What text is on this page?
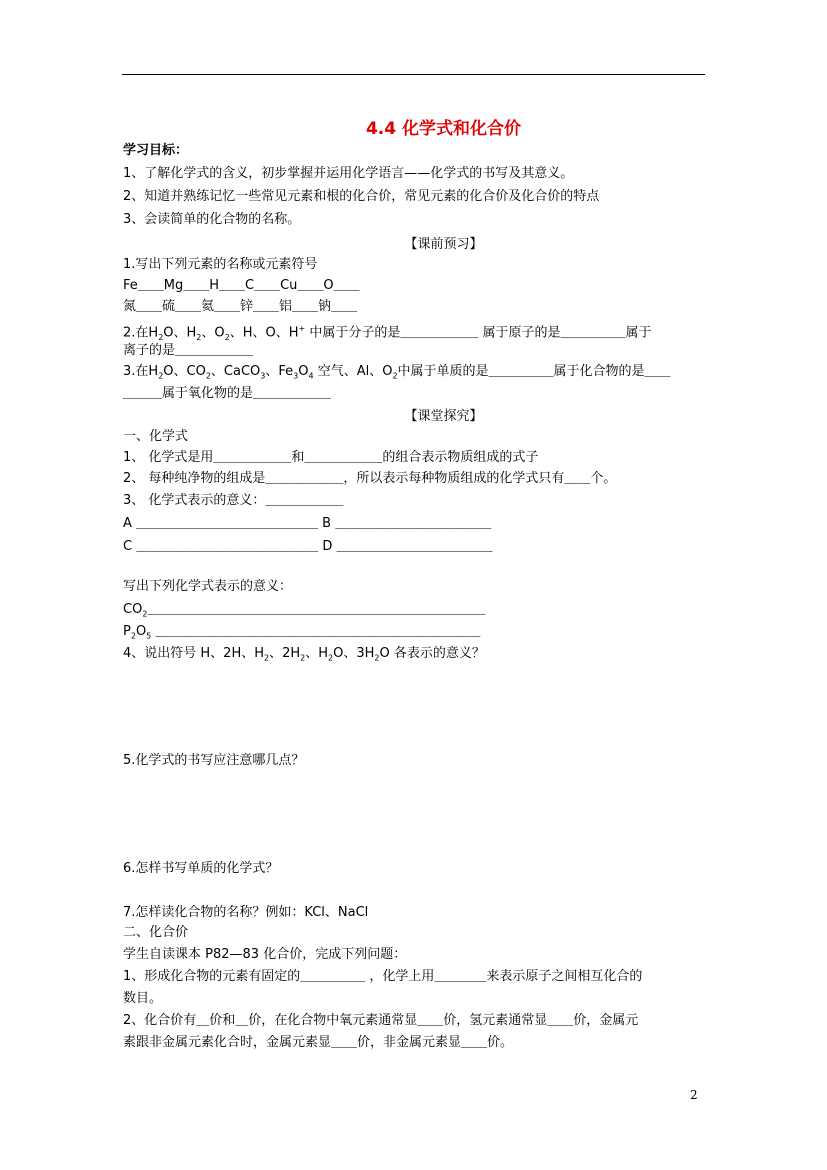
4.4 化学式和化合价
学习目标：
1、了解化学式的含义，初步掌握并运用化学语言——化学式的书写及其意义。
2、知道并熟练记忆一些常见元素和根的化合价，常见元素的化合价及化合价的特点
3、会读简单的化合物的名称。
【课前预习】
1.写出下列元素的名称或元素符号
Fe＿＿Mg＿＿H＿＿C＿＿Cu＿＿O＿＿
氮＿＿硫＿＿氦＿＿锌＿＿铝＿＿钠＿＿
2.在$H_2O$、$H_2$、$O_2$、H、O、H+ 中属于分子的是＿＿＿＿＿＿ 属于原子的是＿＿＿＿＿属于
离子的是＿＿＿＿＿＿
3.在$H_2O$、$CO_2$、CaCO$_3$、$Fe_3O_4$ 空气、Al、$O_2$中属于单质的是＿＿＿＿＿属于化合物的是＿＿
＿＿＿属于氧化物的是＿＿＿＿＿＿
【课堂探究】
一、化学式
1、 化学式是用＿＿＿＿＿＿和＿＿＿＿＿＿的组合表示物质组成的式子
2、 每种纯净物的组成是＿＿＿＿＿＿，所以表示每种物质组成的化学式只有＿＿个。
3、 化学式表示的意义：＿＿＿＿＿＿
A ＿＿＿＿＿＿＿＿＿＿＿＿＿＿ B ＿＿＿＿＿＿＿＿＿＿＿＿
C ＿＿＿＿＿＿＿＿＿＿＿＿＿＿ D ＿＿＿＿＿＿＿＿＿＿＿＿
写出下列化学式表示的意义：
$CO_2\_\_\_\_\_\_\_\_\_\_\_\_\_\_\_\_\_\_\_\_\_\_\_\_\_\_$
$P_2O_5$ ＿＿＿＿＿＿＿＿＿＿＿＿＿＿＿＿＿＿＿＿＿＿＿＿＿
4、说出符号 H、2H、$H_2$、$2H_2$、$H_2O$、$3H_2O$ 各表示的意义？
5.化学式的书写应注意哪几点？
6.怎样书写单质的化学式？
7.怎样读化合物的名称？例如：KCl、NaCl
二、化合价
学生自读课本 P82—83 化合价，完成下列问题：
1、形成化合物的元素有固定的＿＿＿＿＿ ，化学上用＿＿＿＿来表示原子之间相互化合的
数目。
2、化合价有＿价和＿价，在化合物中氧元素通常显＿＿价，氢元素通常显＿＿价，金属元
素跟非金属元素化合时，金属元素显＿＿价，非金属元素显＿＿价。
2
